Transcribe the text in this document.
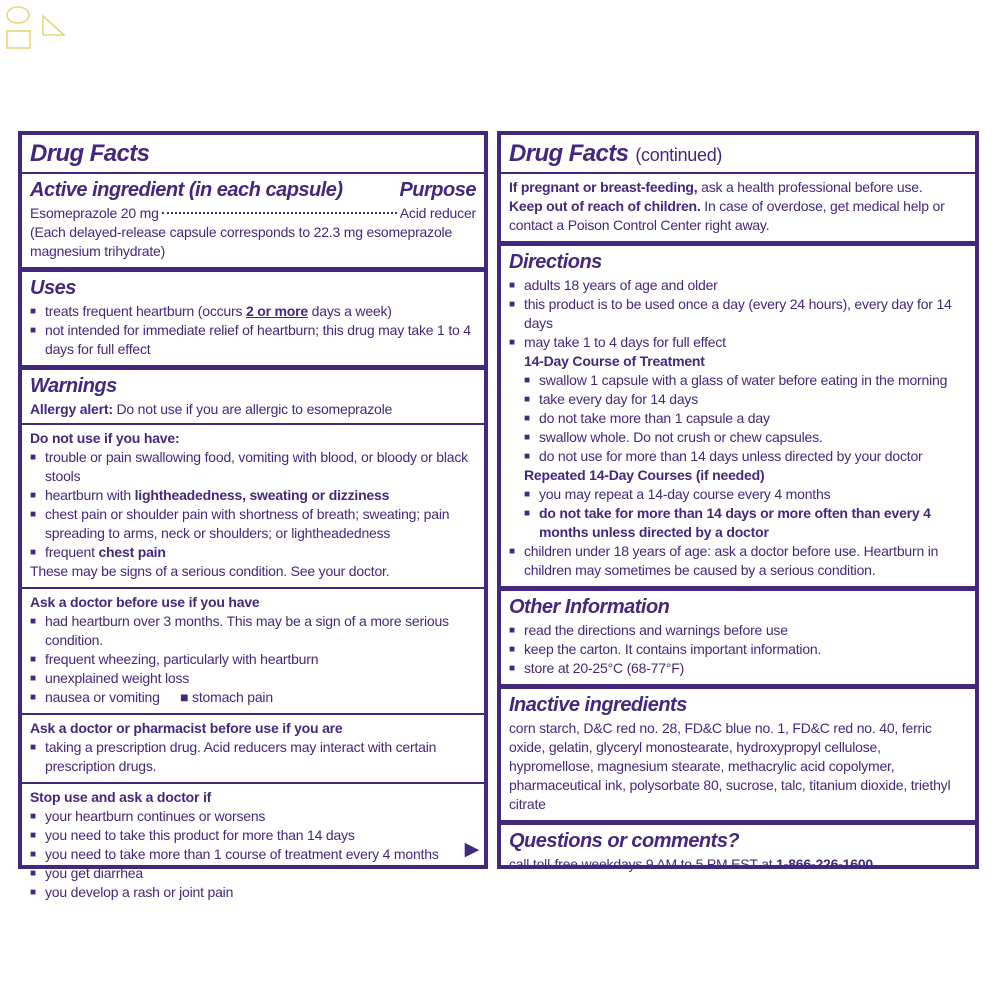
Drug Facts
Active ingredient (in each capsule)	Purpose
Esomeprazole 20 mg	Acid reducer
(Each delayed-release capsule corresponds to 22.3 mg esomeprazole magnesium trihydrate)
Uses
■ treats frequent heartburn (occurs 2 or more days a week)
■ not intended for immediate relief of heartburn; this drug may take 1 to 4 days for full effect
Warnings
Allergy alert: Do not use if you are allergic to esomeprazole
Do not use if you have:
■ trouble or pain swallowing food, vomiting with blood, or bloody or black stools
■ heartburn with lightheadedness, sweating or dizziness
■ chest pain or shoulder pain with shortness of breath; sweating; pain spreading to arms, neck or shoulders; or lightheadedness
■ frequent chest pain
These may be signs of a serious condition. See your doctor.
Ask a doctor before use if you have
■ had heartburn over 3 months. This may be a sign of a more serious condition.
■ frequent wheezing, particularly with heartburn
■ unexplained weight loss
■ nausea or vomiting   ■ stomach pain
Ask a doctor or pharmacist before use if you are
■ taking a prescription drug. Acid reducers may interact with certain prescription drugs.
Stop use and ask a doctor if
■ your heartburn continues or worsens
■ you need to take this product for more than 14 days
■ you need to take more than 1 course of treatment every 4 months
■ you get diarrhea
■ you develop a rash or joint pain
▶
Drug Facts (continued)
If pregnant or breast-feeding, ask a health professional before use.
Keep out of reach of children. In case of overdose, get medical help or contact a Poison Control Center right away.
Directions
■ adults 18 years of age and older
■ this product is to be used once a day (every 24 hours), every day for 14 days
■ may take 1 to 4 days for full effect
14-Day Course of Treatment
■ swallow 1 capsule with a glass of water before eating in the morning
■ take every day for 14 days
■ do not take more than 1 capsule a day
■ swallow whole. Do not crush or chew capsules.
■ do not use for more than 14 days unless directed by your doctor
Repeated 14-Day Courses (if needed)
■ you may repeat a 14-day course every 4 months
■ do not take for more than 14 days or more often than every 4 months unless directed by a doctor
■ children under 18 years of age: ask a doctor before use. Heartburn in children may sometimes be caused by a serious condition.
Other Information
■ read the directions and warnings before use
■ keep the carton. It contains important information.
■ store at 20-25°C (68-77°F)
Inactive ingredients
corn starch, D&C red no. 28, FD&C blue no. 1, FD&C red no. 40, ferric oxide, gelatin, glyceryl monostearate, hydroxypropyl cellulose, hypromellose, magnesium stearate, methacrylic acid copolymer, pharmaceutical ink, polysorbate 80, sucrose, talc, titanium dioxide, triethyl citrate
Questions or comments?
call toll-free weekdays 9 AM to 5 PM EST at 1-866-226-1600
